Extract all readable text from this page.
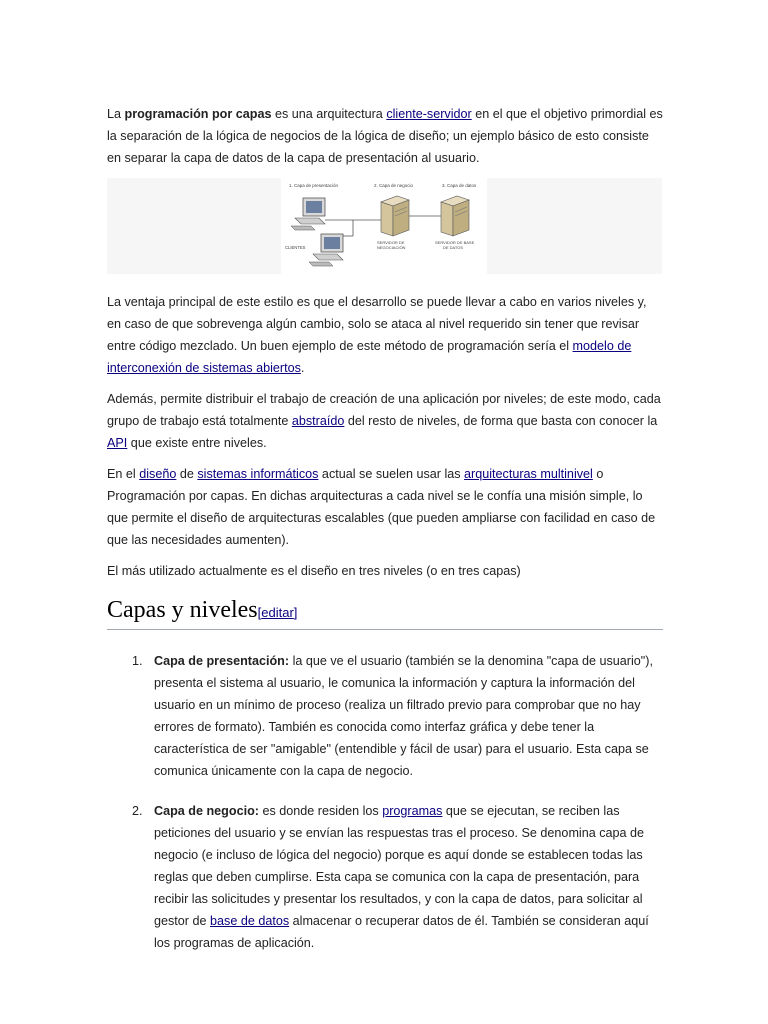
La programación por capas es una arquitectura cliente-servidor en el que el objetivo primordial es la separación de la lógica de negocios de la lógica de diseño; un ejemplo básico de esto consiste en separar la capa de datos de la capa de presentación al usuario.

1. Capa de presentación	2. Capa de negocio	3. Capa de datos
CLIENTES
SERVIDOR DE
NEGOCIACIÓN
SERVIDOR DE BASE
DE DATOS

La ventaja principal de este estilo es que el desarrollo se puede llevar a cabo en varios niveles y, en caso de que sobrevenga algún cambio, solo se ataca al nivel requerido sin tener que revisar entre código mezclado. Un buen ejemplo de este método de programación sería el modelo de interconexión de sistemas abiertos.

Además, permite distribuir el trabajo de creación de una aplicación por niveles; de este modo, cada grupo de trabajo está totalmente abstraído del resto de niveles, de forma que basta con conocer la API que existe entre niveles.

En el diseño de sistemas informáticos actual se suelen usar las arquitecturas multinivel o Programación por capas. En dichas arquitecturas a cada nivel se le confía una misión simple, lo que permite el diseño de arquitecturas escalables (que pueden ampliarse con facilidad en caso de que las necesidades aumenten).

El más utilizado actualmente es el diseño en tres niveles (o en tres capas)

Capas y niveles[editar]
1. Capa de presentación: la que ve el usuario (también se la denomina "capa de usuario"), presenta el sistema al usuario, le comunica la información y captura la información del usuario en un mínimo de proceso (realiza un filtrado previo para comprobar que no hay errores de formato). También es conocida como interfaz gráfica y debe tener la característica de ser "amigable" (entendible y fácil de usar) para el usuario. Esta capa se comunica únicamente con la capa de negocio.
2. Capa de negocio: es donde residen los programas que se ejecutan, se reciben las peticiones del usuario y se envían las respuestas tras el proceso. Se denomina capa de negocio (e incluso de lógica del negocio) porque es aquí donde se establecen todas las reglas que deben cumplirse. Esta capa se comunica con la capa de presentación, para recibir las solicitudes y presentar los resultados, y con la capa de datos, para solicitar al gestor de base de datos almacenar o recuperar datos de él. También se consideran aquí los programas de aplicación.
